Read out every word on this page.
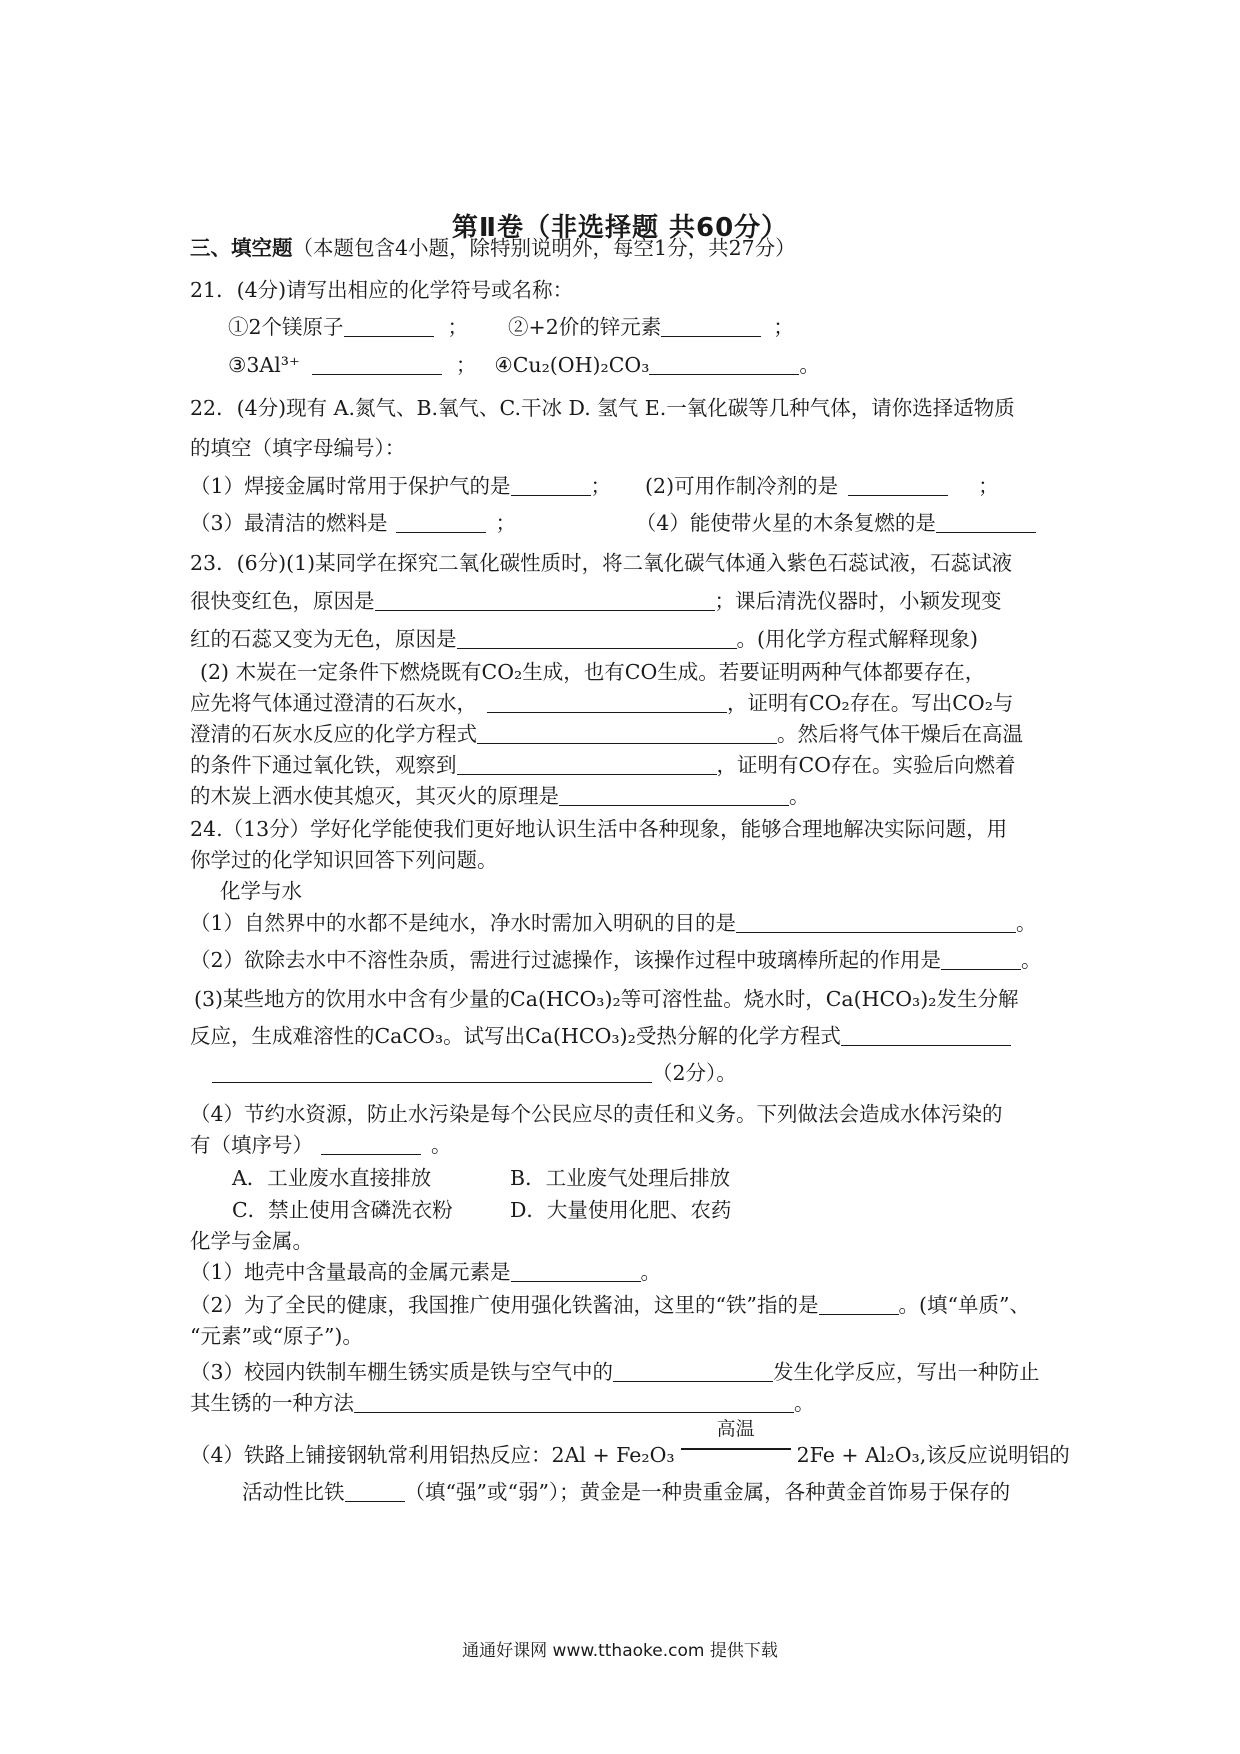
第Ⅱ卷（非选择题 共60分）
三、填空题（本题包含4小题，除特别说明外，每空1分，共27分）
21．(4分)请写出相应的化学符号或名称：
①2个镁原子	； ②+2价的锌元素	；
③3Al³⁺	； ④Cu₂(OH)₂CO₃	。
22．(4分)现有 A.氮气、B.氧气、C.干冰 D. 氢气 E.一氧化碳等几种气体，请你选择适物质
的填空（填字母编号）：
（1）焊接金属时常用于保护气的是	； (2)可用作制冷剂的是	；
（3）最清洁的燃料是	；	（4）能使带火星的木条复燃的是
23．(6分)(1)某同学在探究二氧化碳性质时，将二氧化碳气体通入紫色石蕊试液，石蕊试液
很快变红色，原因是	；课后清洗仪器时，小颖发现变
红的石蕊又变为无色，原因是	。(用化学方程式解释现象)
(2) 木炭在一定条件下燃烧既有CO₂生成，也有CO生成。若要证明两种气体都要存在，
应先将气体通过澄清的石灰水，	，证明有CO₂存在。写出CO₂与
澄清的石灰水反应的化学方程式	。然后将气体干燥后在高温
的条件下通过氧化铁，观察到	，证明有CO存在。实验后向燃着
的木炭上洒水使其熄灭，其灭火的原理是	。
24.（13分）学好化学能使我们更好地认识生活中各种现象，能够合理地解决实际问题，用
你学过的化学知识回答下列问题。
化学与水
（1）自然界中的水都不是纯水，净水时需加入明矾的目的是	。
（2）欲除去水中不溶性杂质，需进行过滤操作，该操作过程中玻璃棒所起的作用是	。
(3)某些地方的饮用水中含有少量的Ca(HCO₃)₂等可溶性盐。烧水时，Ca(HCO₃)₂发生分解
反应，生成难溶性的CaCO₃。试写出Ca(HCO₃)₂受热分解的化学方程式
（2分）。
（4）节约水资源，防止水污染是每个公民应尽的责任和义务。下列做法会造成水体污染的
有（填序号）	。
A．工业废水直接排放	B．工业废气处理后排放
C．禁止使用含磷洗衣粉	D．大量使用化肥、农药
化学与金属。
（1）地壳中含量最高的金属元素是	。
（2）为了全民的健康，我国推广使用强化铁酱油，这里的“铁”指的是	。(填“单质”、
“元素”或“原子”)。
（3）校园内铁制车棚生锈实质是铁与空气中的	发生化学反应，写出一种防止
其生锈的一种方法	。
（4）铁路上铺接钢轨常利用铝热反应：2Al + Fe₂O₃
高温
2Fe + Al₂O₃,该反应说明铝的
活动性比铁	（填“强”或“弱”）；黄金是一种贵重金属，各种黄金首饰易于保存的
通通好课网 www.tthaoke.com 提供下载
